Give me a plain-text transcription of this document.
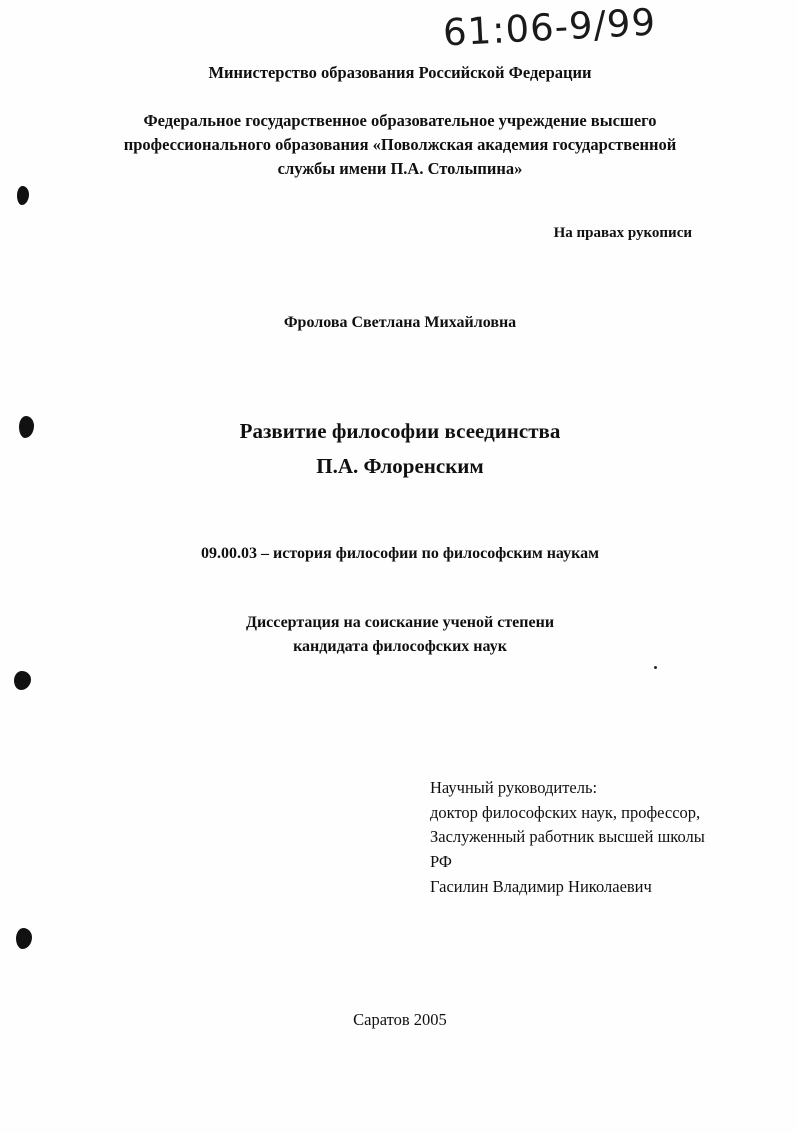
61:06-9/99
Министерство образования Российской Федерации
Федеральное государственное образовательное учреждение высшего профессионального образования «Поволжская академия государственной службы имени П.А. Столыпина»
На правах рукописи
Фролова Светлана Михайловна
Развитие философии всеединства
П.А. Флоренским
09.00.03 – история философии по философским наукам
Диссертация на соискание ученой степени
кандидата философских наук
Научный руководитель:
доктор философских наук, профессор,
Заслуженный работник высшей школы РФ
Гасилин Владимир Николаевич
Саратов 2005
